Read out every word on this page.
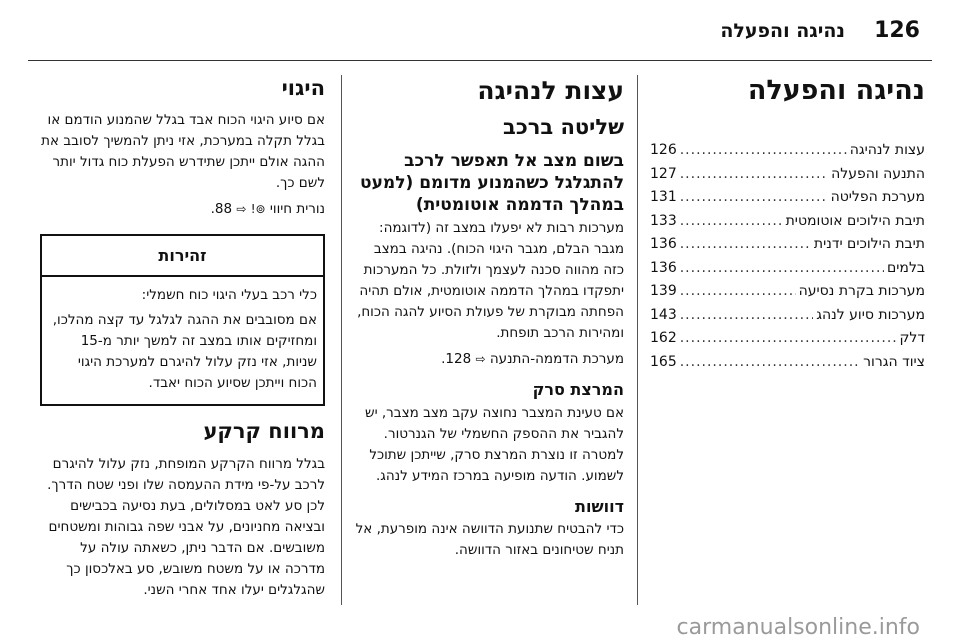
126
נהיגה והפעלה
נהיגה והפעלה
עצות לנהיגה
.....
126
התנעה והפעלה
.....
127
מערכת הפליטה
.....
131
תיבת הילוכים אוטומטית
.....
133
תיבת הילוכים ידנית
.....
136
בלמים
.....
136
מערכות בקרת נסיעה
.....
139
מערכות סיוע לנהג
.....
143
דלק
.....
162
ציוד הגרור
.....
165
עצות לנהיגה
שליטה ברכב
בשום מצב אל תאפשר לרכב להתגלגל כשהמנוע מדומם (למעט במהלך הדממה אוטומטית)

מערכות רבות לא יפעלו במצב זה (לדוגמה: מגבר הבלם, מגבר היגוי הכוח). נהיגה במצב כזה מהווה סכנה לעצמך ולזולת. כל המערכות יתפקדו במהלך הדממה אוטומטית, אולם תהיה הפחתה מבוקרת של פעולת הסיוע להגה הכוח, ומהירות הרכב תופחת.

מערכת הדממה-התנעה ⇨ 128.
המרצת סרק

אם טעינת המצבר נחוצה עקב מצב מצבר, יש להגביר את ההספק החשמלי של הגנרטור. למטרה זו נוצרת המרצת סרק, שייתכן שתוכל לשמוע. הודעה מופיעה במרכז המידע לנהג.

דוושות

כדי להבטיח שתנועת הדוושה אינה מופרעת, אל תניח שטיחונים באזור הדוושה.

היגוי

אם סיוע היגוי הכוח אבד בגלל שהמנוע הודמם או בגלל תקלה במערכת, אזי ניתן להמשיך לסובב את ההגה אולם ייתכן שתידרש הפעלת כוח גדול יותר לשם כך.

נורית חיווי ⊚! ⇨ 88.
זהירות

כלי רכב בעלי היגוי כוח חשמלי:

אם מסובבים את ההגה לגלגל עד קצה מהלכו, ומחזיקים אותו במצב זה למשך יותר מ-15 שניות, אזי נזק עלול להיגרם למערכת היגוי הכוח וייתכן שסיוע הכוח יאבד.

מרווח קרקע

בגלל מרווח הקרקע המופחת, נזק עלול להיגרם לרכב על-פי מידת ההעמסה שלו ופני שטח הדרך. לכן סע לאט במסלולים, בעת נסיעה בכבישים ובציאה מחניונים, על אבני שפה גבוהות ומשטחים משובשים. אם הדבר ניתן, כשאתה עולה על מדרכה או על משטח משובש, סע באלכסון כך שהגלגלים יעלו אחד אחרי השני.

carmanualsonline.info
